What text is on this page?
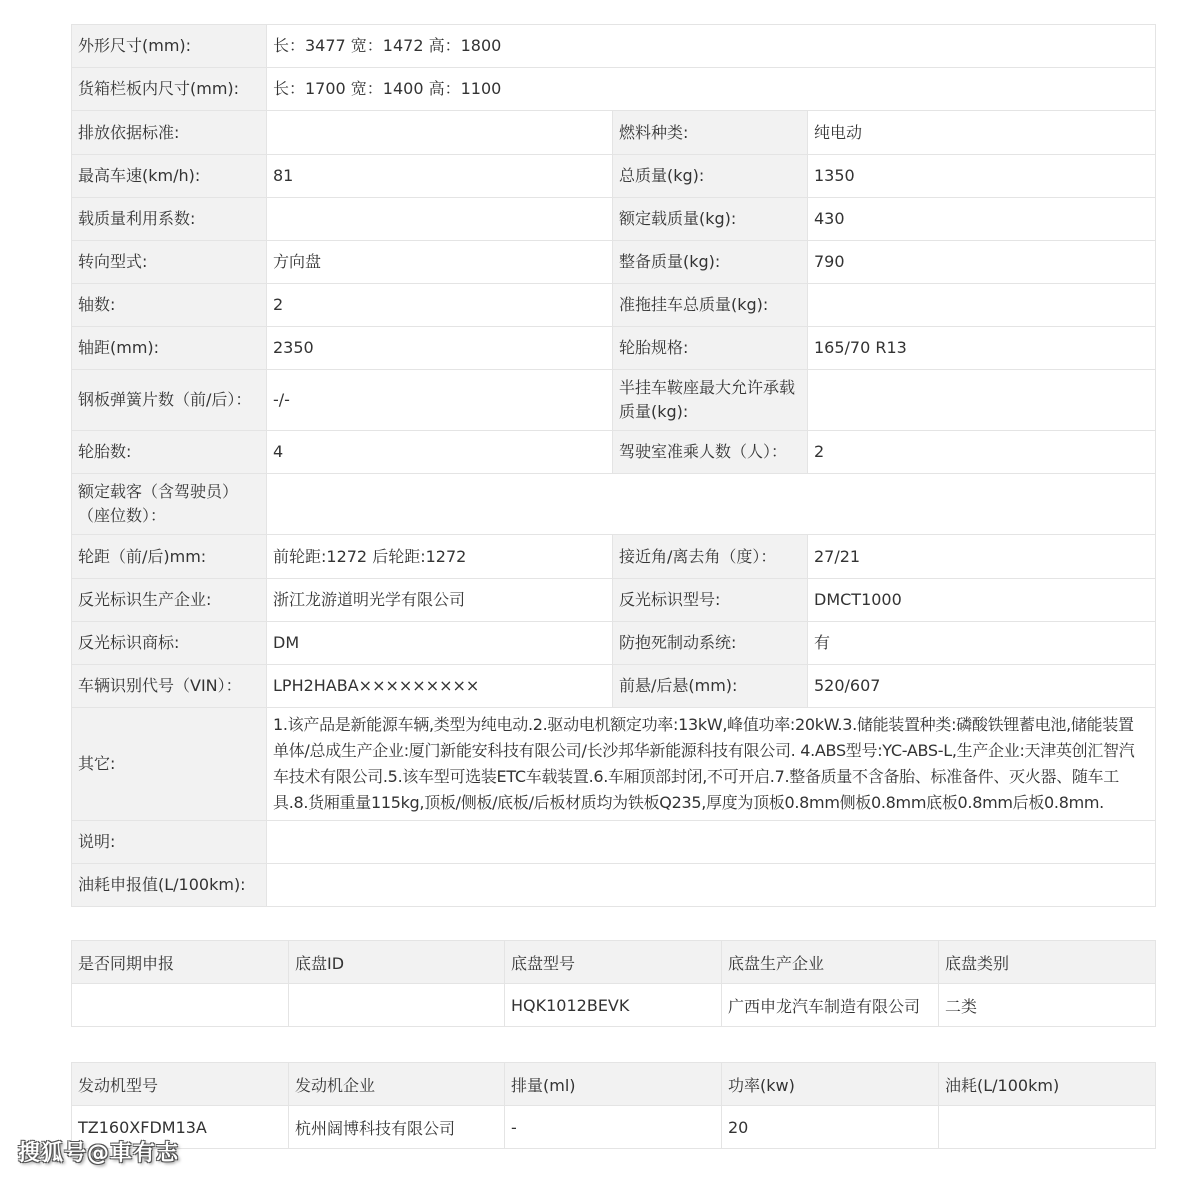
外形尺寸(mm):	长：3477 宽：1472 高：1800		
货箱栏板内尺寸(mm):	长：1700 宽：1400 高：1100		
排放依据标准:		燃料种类:	纯电动
最高车速(km/h):	81	总质量(kg):	1350
载质量利用系数:		额定载质量(kg):	430
转向型式:	方向盘	整备质量(kg):	790
轴数:	2	准拖挂车总质量(kg):	
轴距(mm):	2350	轮胎规格:	165/70 R13
钢板弹簧片数（前/后）：	-/-	半挂车鞍座最大允许承载质量(kg):	
轮胎数:	4	驾驶室准乘人数（人）：	2
额定载客（含驾驶员）（座位数）：			
轮距（前/后)mm:	前轮距:1272 后轮距:1272	接近角/离去角（度）：	27/21
反光标识生产企业:	浙江龙游道明光学有限公司	反光标识型号:	DMCT1000
反光标识商标:	DM	防抱死制动系统:	有
车辆识别代号（VIN）：	LPH2HABA×××××××××	前悬/后悬(mm):	520/607
其它:	1.该产品是新能源车辆,类型为纯电动.2.驱动电机额定功率:13kW,峰值功率:20kW.3.储能装置种类:磷酸铁锂蓄电池,储能装置单体/总成生产企业:厦门新能安科技有限公司/长沙邦华新能源科技有限公司. 4.ABS型号:YC-ABS-L,生产企业:天津英创汇智汽车技术有限公司.5.该车型可选装ETC车载装置.6.车厢顶部封闭,不可开启.7.整备质量不含备胎、标准备件、灭火器、随车工具.8.货厢重量115kg,顶板/侧板/底板/后板材质均为铁板Q235,厚度为顶板0.8mm侧板0.8mm底板0.8mm后板0.8mm.		
说明:			
油耗申报值(L/100km):			
是否同期申报	底盘ID	底盘型号	底盘生产企业	底盘类别
		HQK1012BEVK	广西申龙汽车制造有限公司	二类
发动机型号	发动机企业	排量(ml)	功率(kw)	油耗(L/100km)
TZ160XFDM13A	杭州阔博科技有限公司	-	20	
搜狐号@車有志
